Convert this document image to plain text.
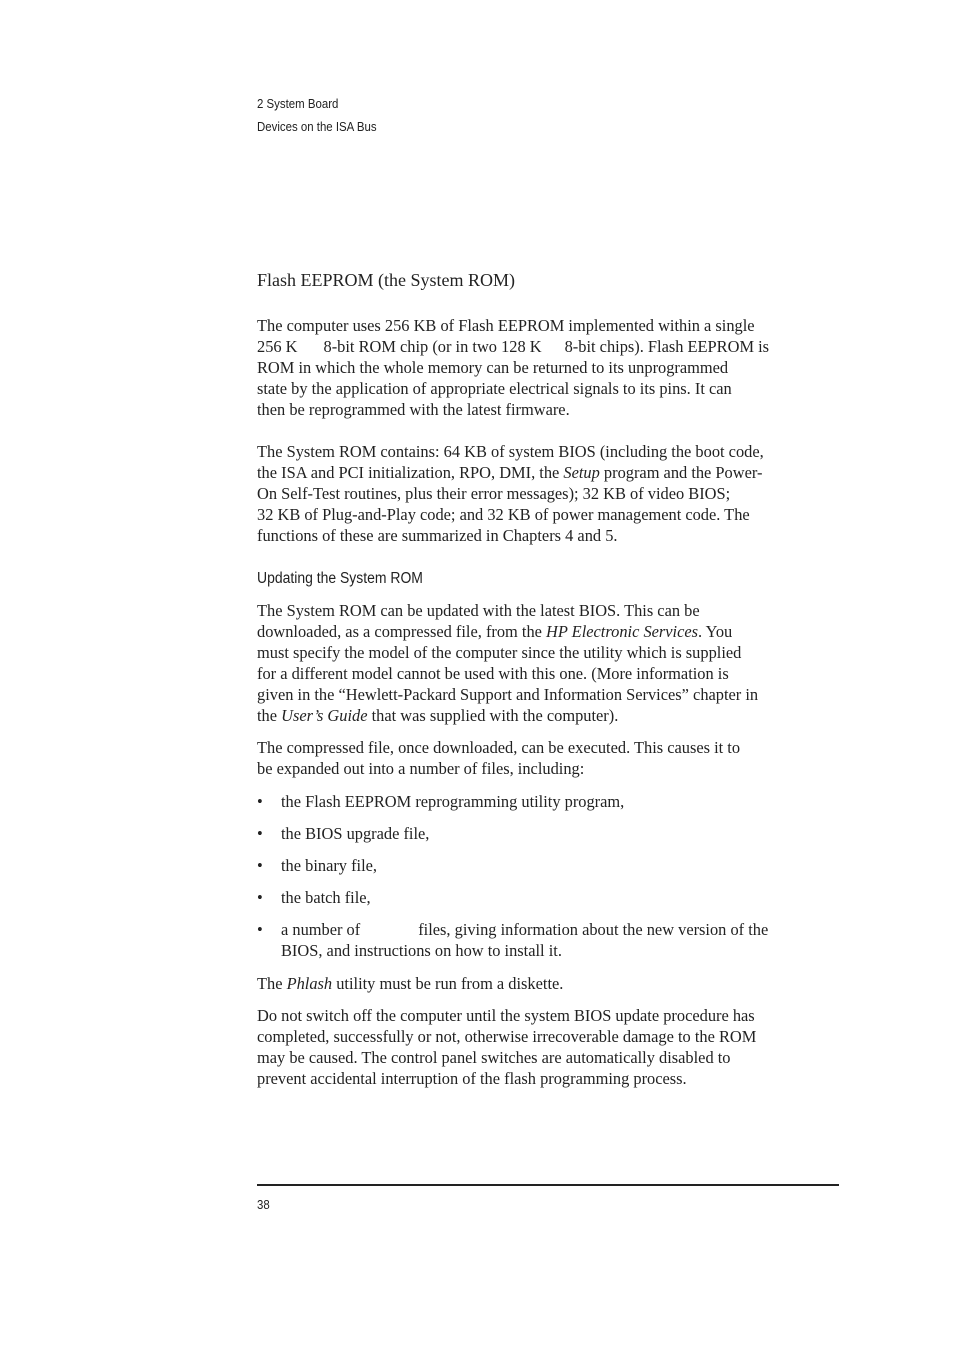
2 System Board
Devices on the ISA Bus
Flash EEPROM (the System ROM)
The computer uses 256 KB of Flash EEPROM implemented within a single
256 K 8-bit ROM chip (or in two 128 K 8-bit chips). Flash EEPROM is
ROM in which the whole memory can be returned to its unprogrammed
state by the application of appropriate electrical signals to its pins. It can
then be reprogrammed with the latest firmware.
The System ROM contains: 64 KB of system BIOS (including the boot code,
the ISA and PCI initialization, RPO, DMI, the Setup program and the Power-
On Self-Test routines, plus their error messages); 32 KB of video BIOS;
32 KB of Plug-and-Play code; and 32 KB of power management code. The
functions of these are summarized in Chapters 4 and 5.
Updating the System ROM
The System ROM can be updated with the latest BIOS. This can be
downloaded, as a compressed file, from the HP Electronic Services. You
must specify the model of the computer since the utility which is supplied
for a different model cannot be used with this one. (More information is
given in the “Hewlett-Packard Support and Information Services” chapter in
the User’s Guide that was supplied with the computer).
The compressed file, once downloaded, can be executed. This causes it to
be expanded out into a number of files, including:
• the Flash EEPROM reprogramming utility program,
• the BIOS upgrade file,
• the binary file,
• the batch file,
• a number of	files, giving information about the new version of the
BIOS, and instructions on how to install it.
The Phlash utility must be run from a diskette.
Do not switch off the computer until the system BIOS update procedure has
completed, successfully or not, otherwise irrecoverable damage to the ROM
may be caused. The control panel switches are automatically disabled to
prevent accidental interruption of the flash programming process.
38
